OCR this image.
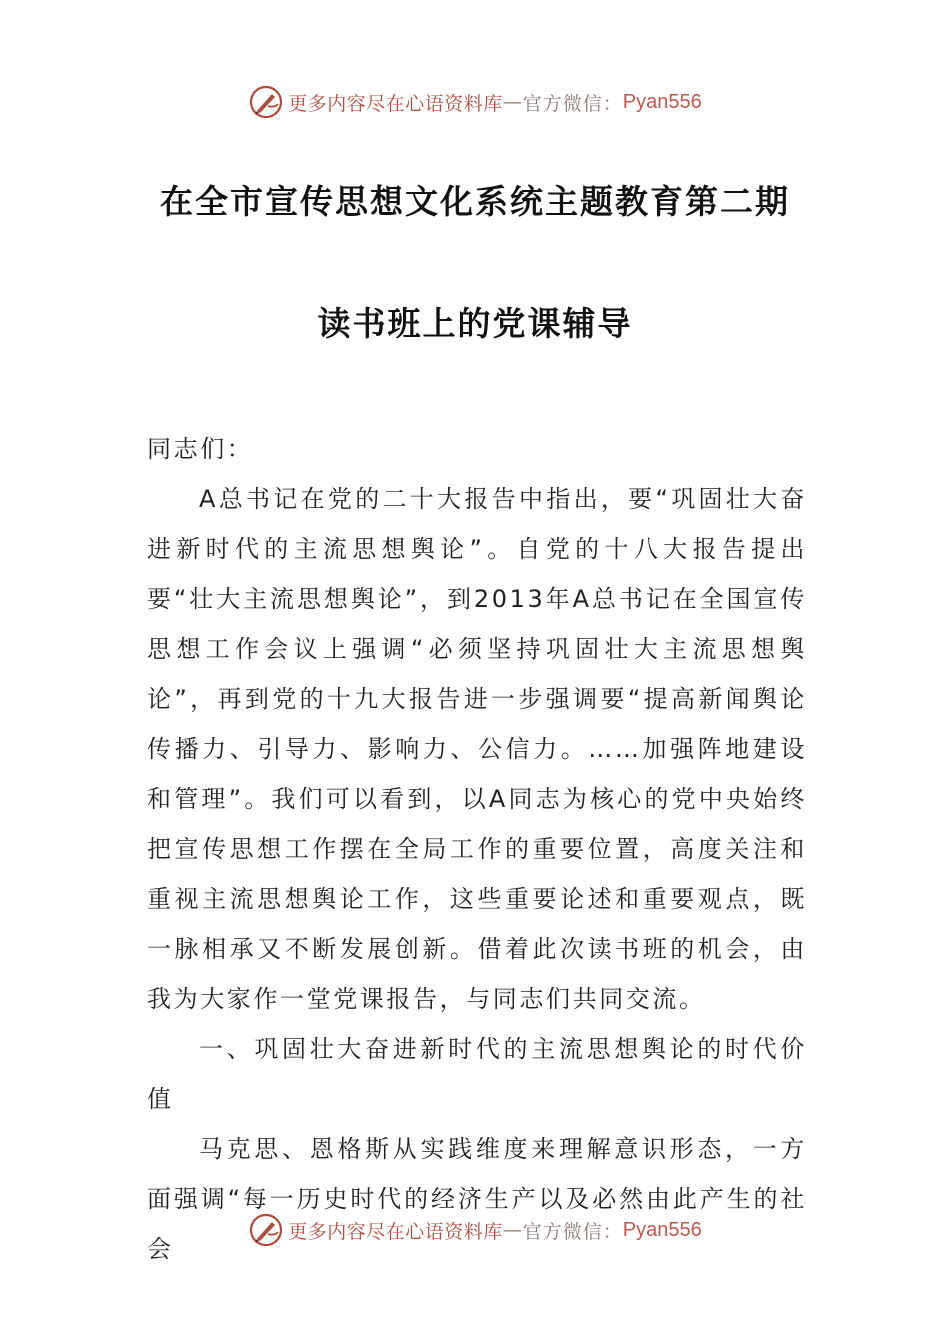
更多内容尽在心语资料库 — 官方微信： Pyan556
在全市宣传思想文化系统主题教育第二期
读书班上的党课辅导

同志们：

A总书记在党的二十大报告中指出，要“巩固壮大奋进新时代的主流思想舆论”。自党的十八大报告提出要“壮大主流思想舆论”，到2013年A总书记在全国宣传思想工作会议上强调“必须坚持巩固壮大主流思想舆论”，再到党的十九大报告进一步强调要“提高新闻舆论传播力、引导力、影响力、公信力。……加强阵地建设和管理”。我们可以看到，以A同志为核心的党中央始终把宣传思想工作摆在全局工作的重要位置，高度关注和重视主流思想舆论工作，这些重要论述和重要观点，既一脉相承又不断发展创新。借着此次读书班的机会，由我为大家作一堂党课报告，与同志们共同交流。

一、巩固壮大奋进新时代的主流思想舆论的时代价值

马克思、恩格斯从实践维度来理解意识形态，一方面强调“每一历史时代的经济生产以及必然由此产生的社会

更多内容尽在心语资料库 — 官方微信： Pyan556
